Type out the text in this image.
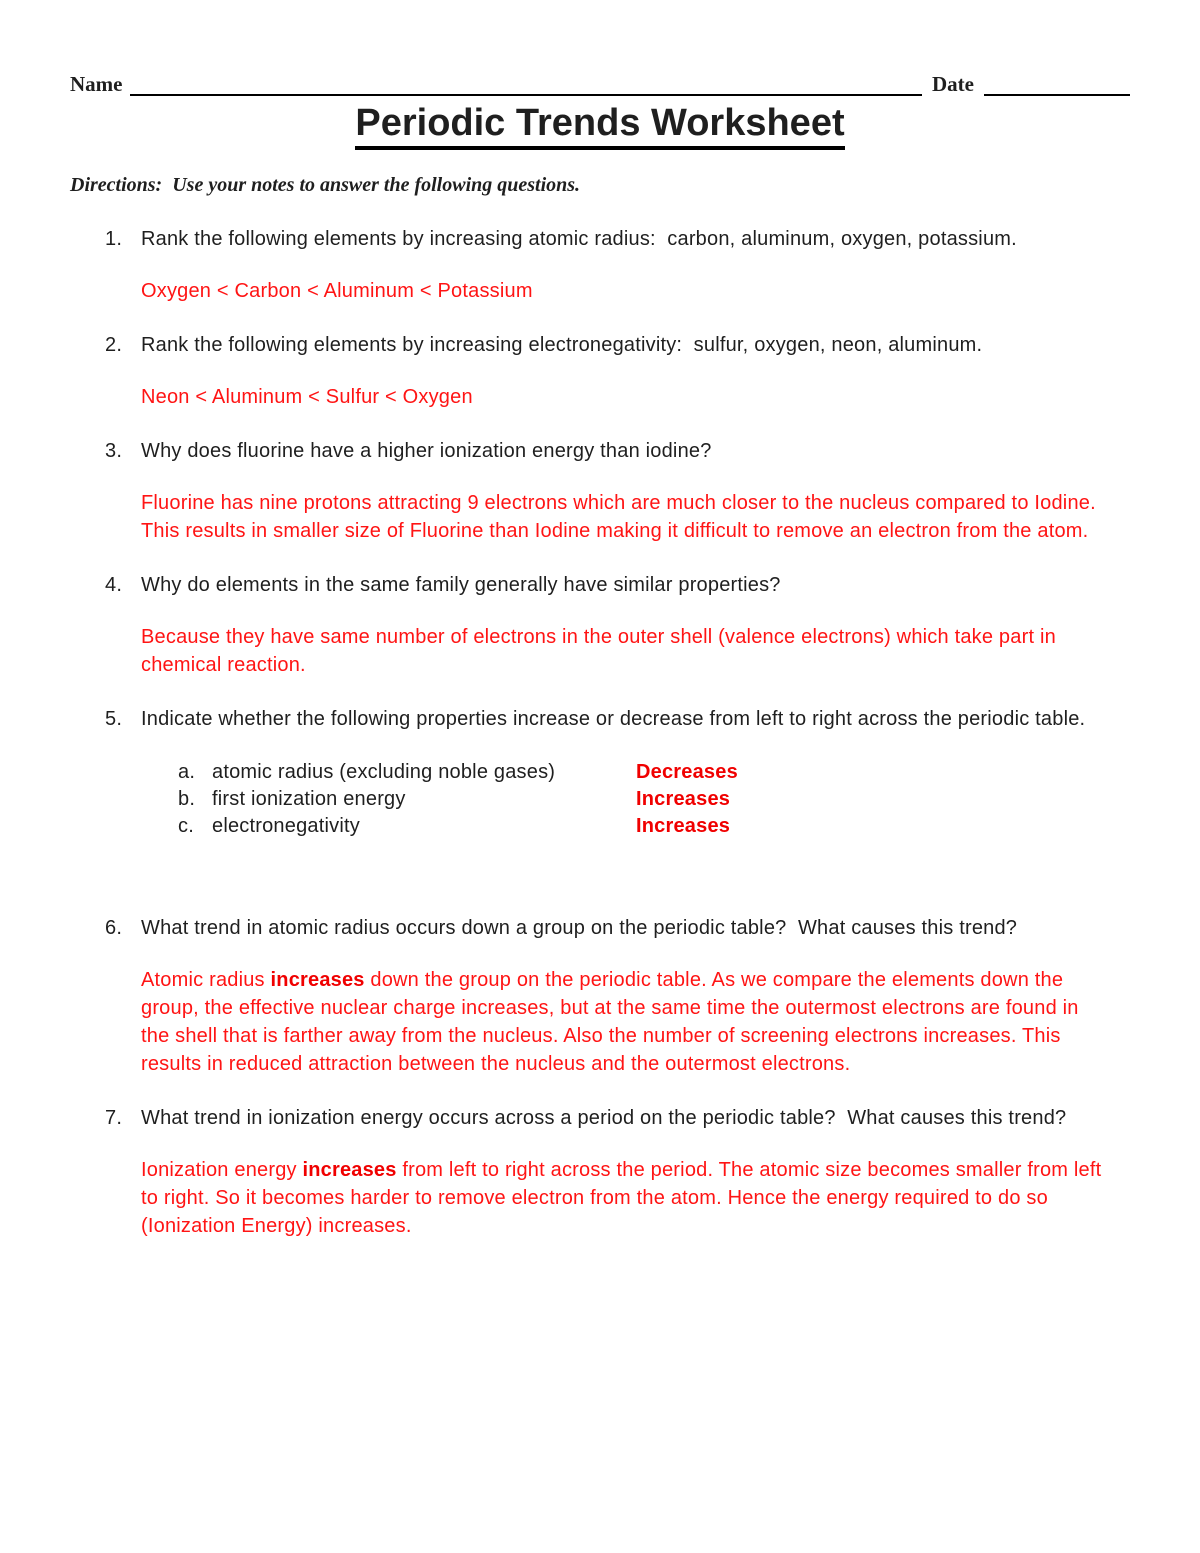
Name	Date
Periodic Trends Worksheet
Directions:  Use your notes to answer the following questions.
1. Rank the following elements by increasing atomic radius:  carbon, aluminum, oxygen, potassium.
Oxygen < Carbon < Aluminum < Potassium
2. Rank the following elements by increasing electronegativity:  sulfur, oxygen, neon, aluminum.
Neon < Aluminum < Sulfur < Oxygen
3. Why does fluorine have a higher ionization energy than iodine?
Fluorine has nine protons attracting 9 electrons which are much closer to the nucleus compared to Iodine. This results in smaller size of Fluorine than Iodine making it difficult to remove an electron from the atom.
4. Why do elements in the same family generally have similar properties?
Because they have same number of electrons in the outer shell (valence electrons) which take part in chemical reaction.
5. Indicate whether the following properties increase or decrease from left to right across the periodic table.
a. atomic radius (excluding noble gases)	Decreases
b. first ionization energy	Increases
c. electronegativity	Increases
6. What trend in atomic radius occurs down a group on the periodic table?  What causes this trend?
Atomic radius increases down the group on the periodic table. As we compare the elements down the group, the effective nuclear charge increases, but at the same time the outermost electrons are found in the shell that is farther away from the nucleus. Also the number of screening electrons increases. This results in reduced attraction between the nucleus and the outermost electrons.
7. What trend in ionization energy occurs across a period on the periodic table?  What causes this trend?
Ionization energy increases from left to right across the period. The atomic size becomes smaller from left to right. So it becomes harder to remove electron from the atom. Hence the energy required to do so (Ionization Energy) increases.
